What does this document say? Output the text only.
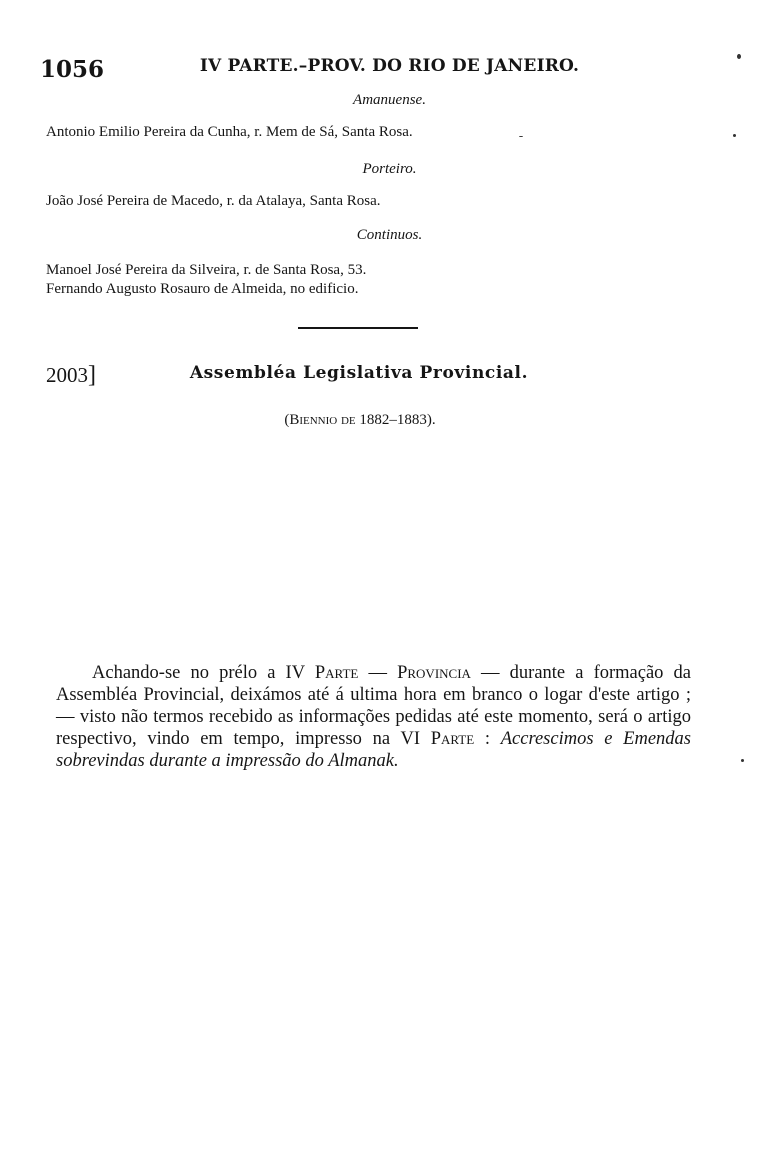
1056	IV PARTE.–PROV. DO RIO DE JANEIRO.
Amanuense.
Antonio Emilio Pereira da Cunha, r. Mem de Sá, Santa Rosa.
Porteiro.
João José Pereira de Macedo, r. da Atalaya, Santa Rosa.
Continuos.
Manoel José Pereira da Silveira, r. de Santa Rosa, 53.
Fernando Augusto Rosauro de Almeida, no edificio.
2003]	Assembléa Legislativa Provincial.
(Biennio de 1882–1883).

Achando-se no prélo a IV Parte — Provincia — durante a formação da Assembléa Provincial, deixámos até á ultima hora em branco o logar d'este artigo ; — visto não termos recebido as informações pedidas até este momento, será o artigo respectivo, vindo em tempo, impresso na VI Parte : Accrescimos e Emendas sobrevindas durante a impressão do Almanak.
